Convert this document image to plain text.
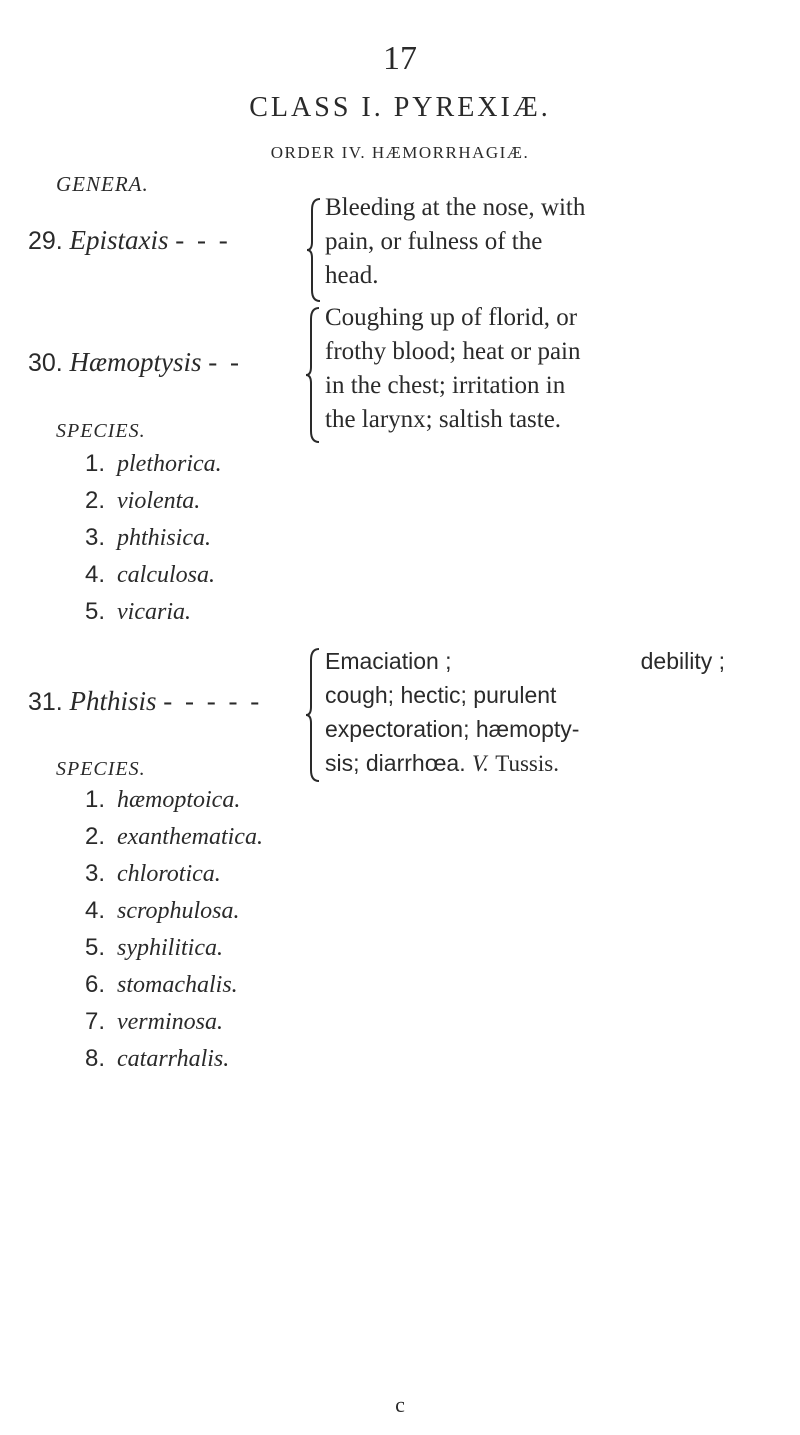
17
CLASS I. PYREXIÆ.
ORDER IV. HÆMORRHAGIÆ.
GENERA.
29. Epistaxis - - -
Bleeding at the nose, with
pain, or fulness of the
head.
30. Hæmoptysis - -
Coughing up of florid, or
frothy blood; heat or pain
in the chest; irritation in
the larynx; saltish taste.
SPECIES.
1. plethorica.
2. violenta.
3. phthisica.
4. calculosa.
5. vicaria.
31. Phthisis - - - - -
Emaciation ;	debility ;
cough; hectic; purulent
expectoration; hæmopty-
sis; diarrhœa. V. Tussis.
SPECIES.
1. hæmoptoica.
2. exanthematica.
3. chlorotica.
4. scrophulosa.
5. syphilitica.
6. stomachalis.
7. verminosa.
8. catarrhalis.
c
